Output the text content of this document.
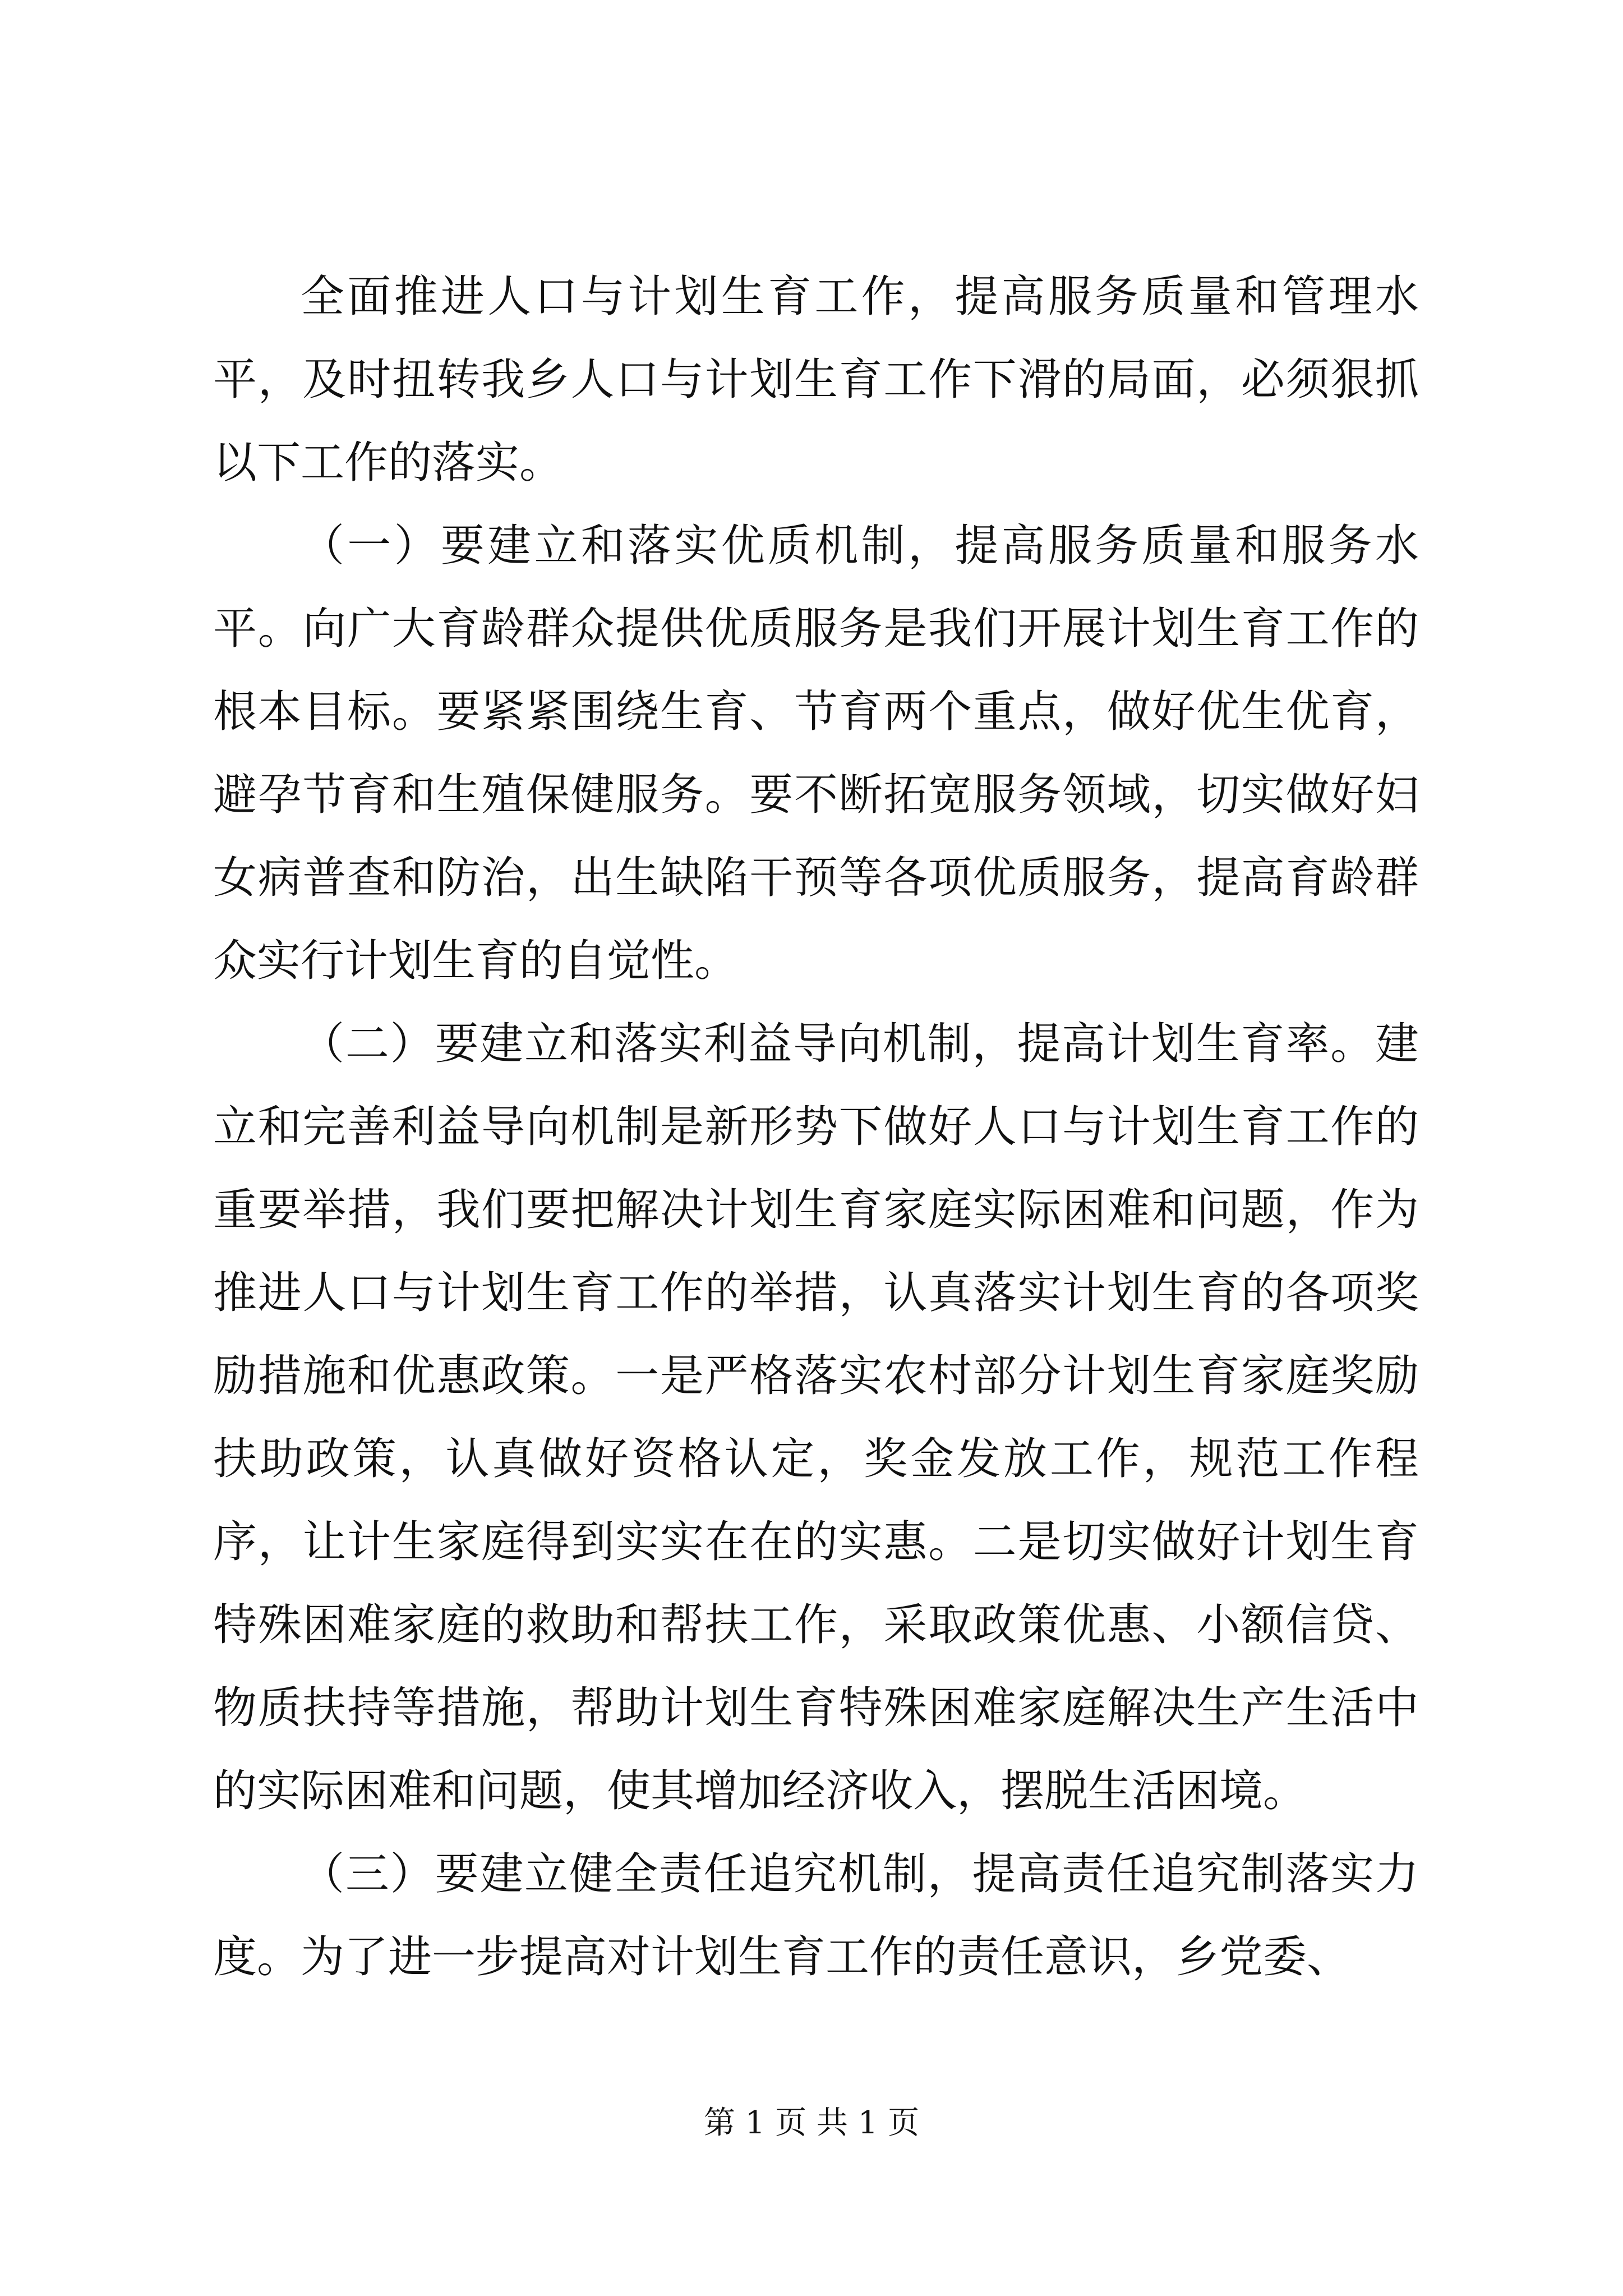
全面推进人口与计划生育工作，提高服务质量和管理水平，及时扭转我乡人口与计划生育工作下滑的局面，必须狠抓以下工作的落实。

（一）要建立和落实优质机制，提高服务质量和服务水平。向广大育龄群众提供优质服务是我们开展计划生育工作的根本目标。要紧紧围绕生育、节育两个重点，做好优生优育，避孕节育和生殖保健服务。要不断拓宽服务领域，切实做好妇女病普查和防治，出生缺陷干预等各项优质服务，提高育龄群众实行计划生育的自觉性。

（二）要建立和落实利益导向机制，提高计划生育率。建立和完善利益导向机制是新形势下做好人口与计划生育工作的重要举措，我们要把解决计划生育家庭实际困难和问题，作为推进人口与计划生育工作的举措，认真落实计划生育的各项奖励措施和优惠政策。一是严格落实农村部分计划生育家庭奖励扶助政策，认真做好资格认定，奖金发放工作，规范工作程序，让计生家庭得到实实在在的实惠。二是切实做好计划生育特殊困难家庭的救助和帮扶工作，采取政策优惠、小额信贷、物质扶持等措施，帮助计划生育特殊困难家庭解决生产生活中的实际困难和问题，使其增加经济收入，摆脱生活困境。

（三）要建立健全责任追究机制，提高责任追究制落实力度。为了进一步提高对计划生育工作的责任意识，乡党委、

第 1 页 共 1 页
